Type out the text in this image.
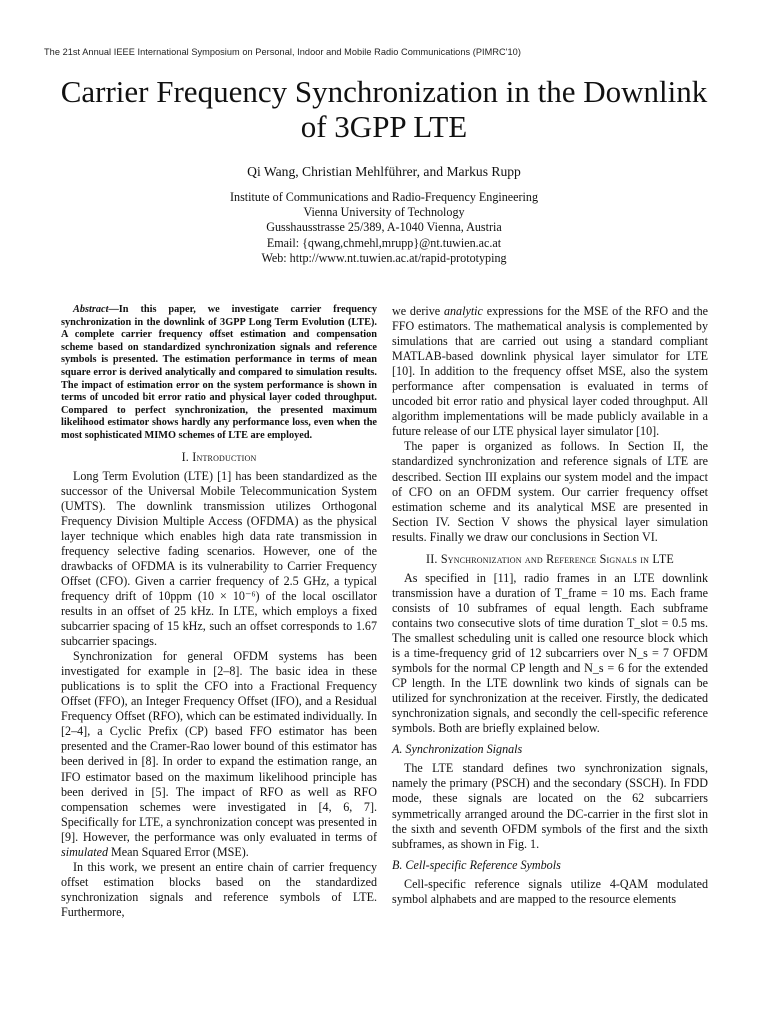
The 21st Annual IEEE International Symposium on Personal, Indoor and Mobile Radio Communications (PIMRC'10)
Carrier Frequency Synchronization in the Downlink
of 3GPP LTE
Qi Wang, Christian Mehlführer, and Markus Rupp
Institute of Communications and Radio-Frequency Engineering
Vienna University of Technology
Gusshausstrasse 25/389, A-1040 Vienna, Austria
Email: {qwang,chmehl,mrupp}@nt.tuwien.ac.at
Web: http://www.nt.tuwien.ac.at/rapid-prototyping

Abstract—In this paper, we investigate carrier frequency synchronization in the downlink of 3GPP Long Term Evolution (LTE). A complete carrier frequency offset estimation and compensation scheme based on standardized synchronization signals and reference symbols is presented. The estimation performance in terms of mean square error is derived analytically and compared to simulation results. The impact of estimation error on the system performance is shown in terms of uncoded bit error ratio and physical layer coded throughput. Compared to perfect synchronization, the presented maximum likelihood estimator shows hardly any performance loss, even when the most sophisticated MIMO schemes of LTE are employed.

I. Introduction

Long Term Evolution (LTE) [1] has been standardized as the successor of the Universal Mobile Telecommunication System (UMTS). The downlink transmission utilizes Orthogonal Frequency Division Multiple Access (OFDMA) as the physical layer technique which enables high data rate transmission in frequency selective fading scenarios. However, one of the drawbacks of OFDMA is its vulnerability to Carrier Frequency Offset (CFO). Given a carrier frequency of 2.5 GHz, a typical frequency drift of 10ppm (10 × 10⁻⁶) of the local oscillator results in an offset of 25 kHz. In LTE, which employs a fixed subcarrier spacing of 15 kHz, such an offset corresponds to 1.67 subcarrier spacings.

Synchronization for general OFDM systems has been investigated for example in [2–8]. The basic idea in these publications is to split the CFO into a Fractional Frequency Offset (FFO), an Integer Frequency Offset (IFO), and a Residual Frequency Offset (RFO), which can be estimated individually. In [2–4], a Cyclic Prefix (CP) based FFO estimator has been presented and the Cramer-Rao lower bound of this estimator has been derived in [8]. In order to expand the estimation range, an IFO estimator based on the maximum likelihood principle has been derived in [5]. The impact of RFO as well as RFO compensation schemes were investigated in [4, 6, 7]. Specifically for LTE, a synchronization concept was presented in [9]. However, the performance was only evaluated in terms of simulated Mean Squared Error (MSE).

In this work, we present an entire chain of carrier frequency offset estimation blocks based on the standardized synchronization signals and reference symbols of LTE. Furthermore,

we derive analytic expressions for the MSE of the RFO and the FFO estimators. The mathematical analysis is complemented by simulations that are carried out using a standard compliant MATLAB-based downlink physical layer simulator for LTE [10]. In addition to the frequency offset MSE, also the system performance after compensation is evaluated in terms of uncoded bit error ratio and physical layer coded throughput. All algorithm implementations will be made publicly available in a future release of our LTE physical layer simulator [10].

The paper is organized as follows. In Section II, the standardized synchronization and reference signals of LTE are described. Section III explains our system model and the impact of CFO on an OFDM system. Our carrier frequency offset estimation scheme and its analytical MSE are presented in Section IV. Section V shows the physical layer simulation results. Finally we draw our conclusions in Section VI.

II. Synchronization and Reference Signals in LTE

As specified in [11], radio frames in an LTE downlink transmission have a duration of T_frame = 10 ms. Each frame consists of 10 subframes of equal length. Each subframe contains two consecutive slots of time duration T_slot = 0.5 ms. The smallest scheduling unit is called one resource block which is a time-frequency grid of 12 subcarriers over N_s = 7 OFDM symbols for the normal CP length and N_s = 6 for the extended CP length. In the LTE downlink two kinds of signals can be utilized for synchronization at the receiver. Firstly, the dedicated synchronization signals, and secondly the cell-specific reference symbols. Both are briefly explained below.

A. Synchronization Signals

The LTE standard defines two synchronization signals, namely the primary (PSCH) and the secondary (SSCH). In FDD mode, these signals are located on the 62 subcarriers symmetrically arranged around the DC-carrier in the first slot in the sixth and seventh OFDM symbols of the first and the sixth subframes, as shown in Fig. 1.

B. Cell-specific Reference Symbols

Cell-specific reference signals utilize 4-QAM modulated symbol alphabets and are mapped to the resource elements
